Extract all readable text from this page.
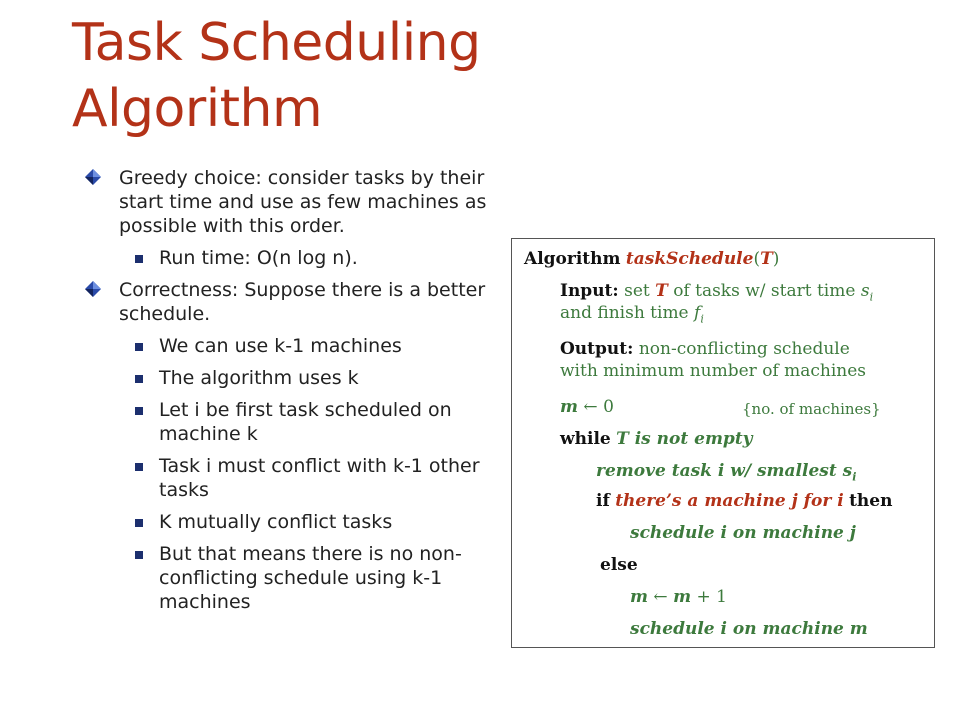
Task Scheduling
Algorithm
Greedy choice: consider tasks by their start time and use as few machines as possible with this order.
Run time: O(n log n).
Correctness: Suppose there is a better schedule.
We can use k-1 machines
The algorithm uses k
Let i be first task scheduled on machine k
Task i must conflict with k-1 other tasks
K mutually conflict tasks
But that means there is no non-conflicting schedule using k-1 machines
Algorithm taskSchedule(T)
Input: set T of tasks w/ start time $s_i$
and finish time $f_i$
Output: non-conflicting schedule
with minimum number of machines
m ← 0	{no. of machines}
while T is not empty
remove task i w/ smallest $s_i$
if there’s a machine j for i then
schedule i on machine j
else
m ← m + 1
schedule i on machine m
